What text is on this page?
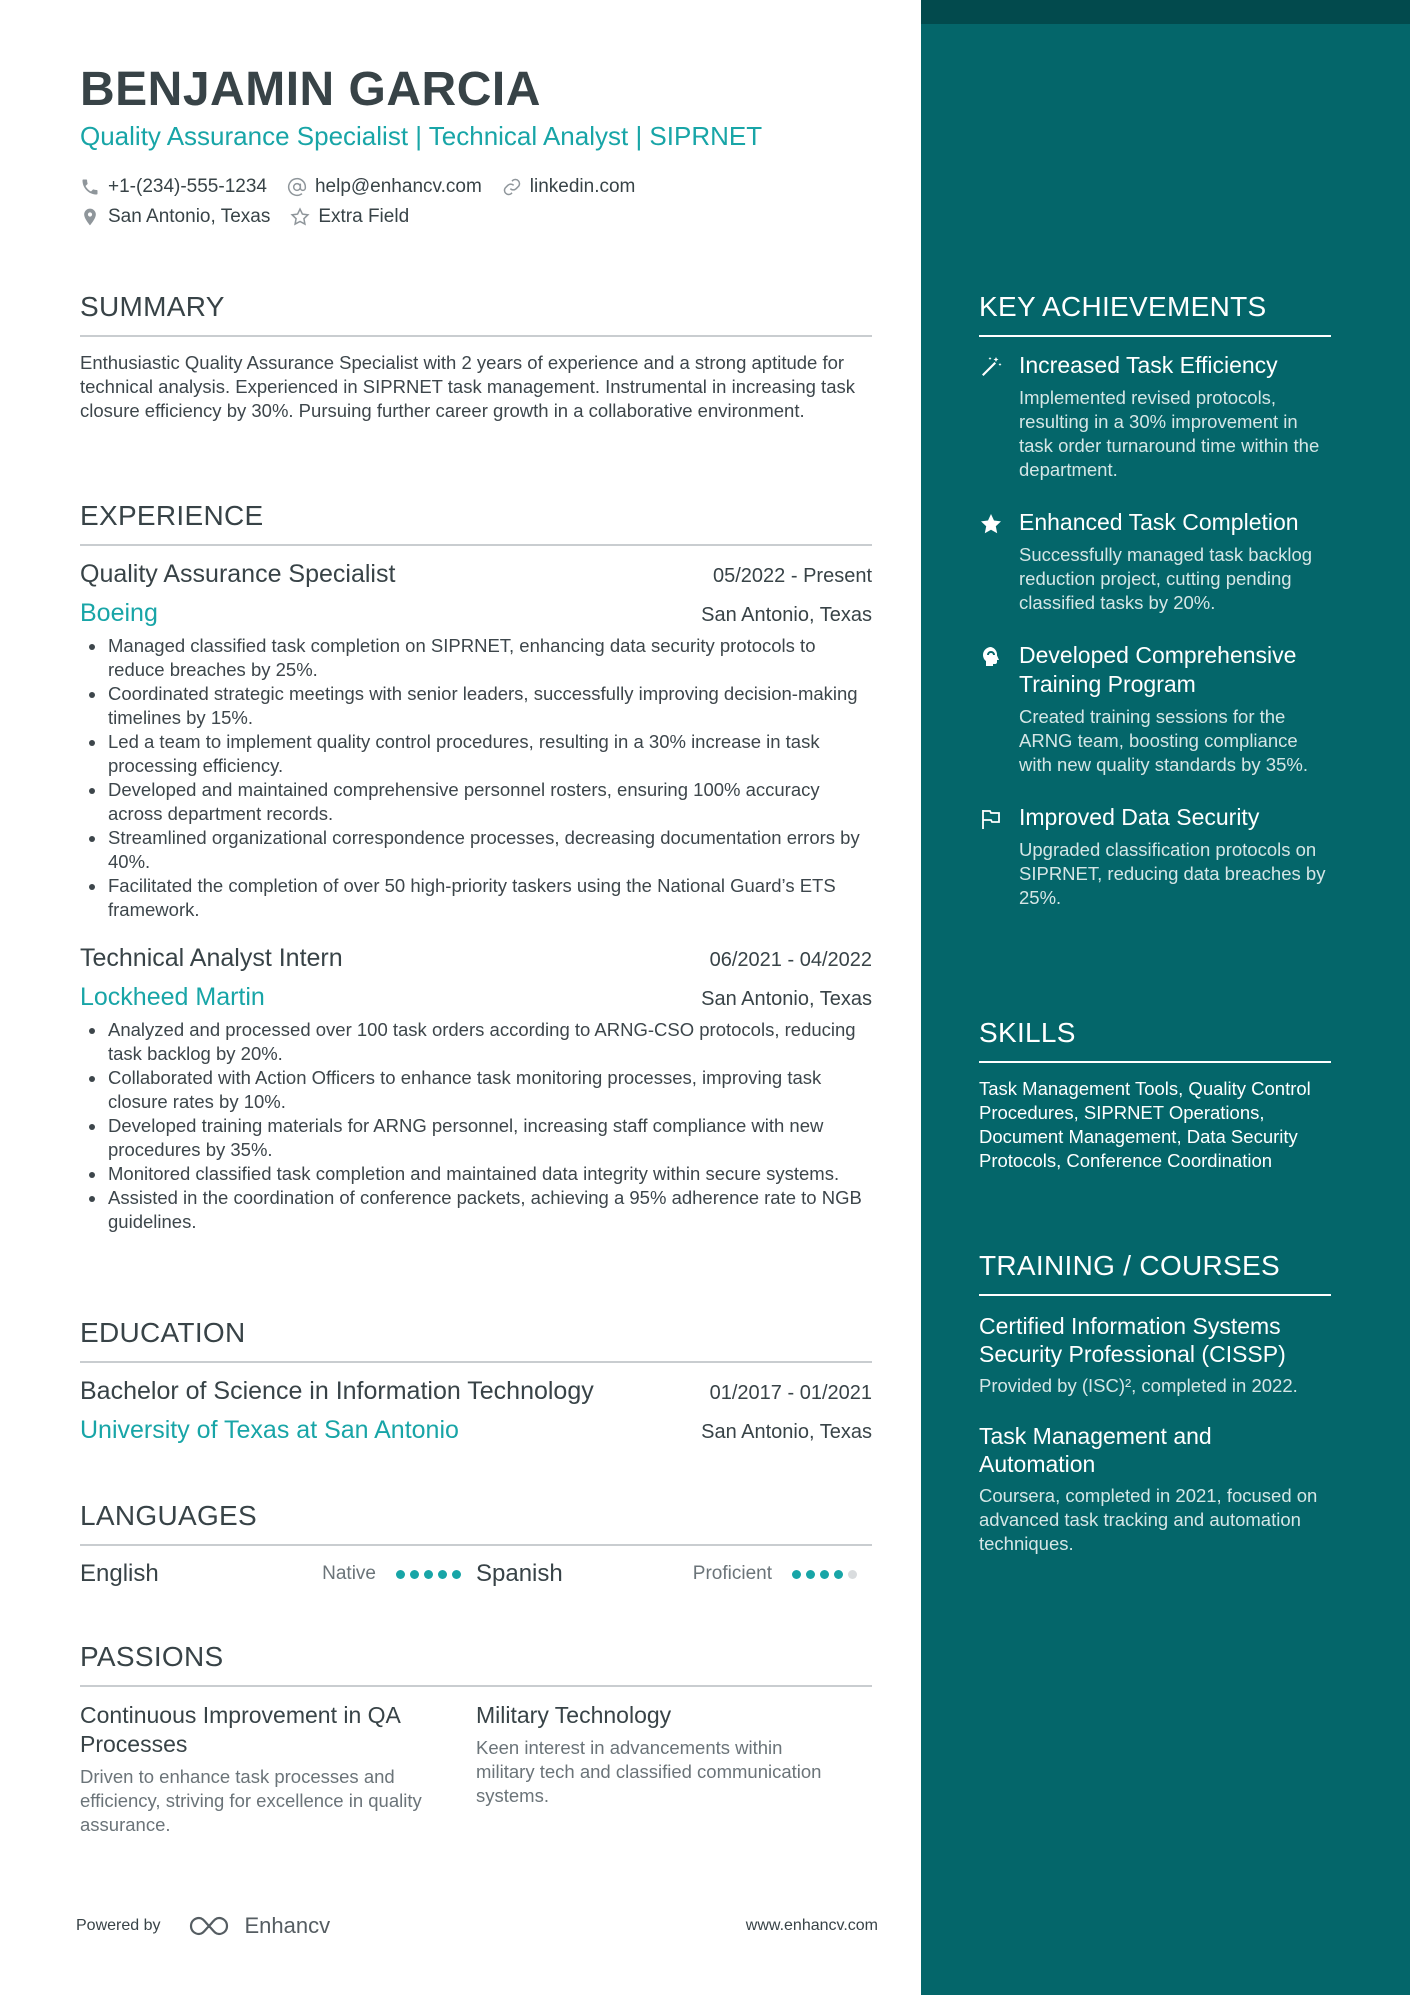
BENJAMIN GARCIA
Quality Assurance Specialist | Technical Analyst | SIPRNET
+1-(234)-555-1234	help@enhancv.com	linkedin.com
San Antonio, Texas	Extra Field
SUMMARY
Enthusiastic Quality Assurance Specialist with 2 years of experience and a strong aptitude for technical analysis. Experienced in SIPRNET task management. Instrumental in increasing task closure efficiency by 30%. Pursuing further career growth in a collaborative environment.
EXPERIENCE
Quality Assurance Specialist	05/2022 - Present
Boeing	San Antonio, Texas
Managed classified task completion on SIPRNET, enhancing data security protocols to reduce breaches by 25%.
Coordinated strategic meetings with senior leaders, successfully improving decision-making timelines by 15%.
Led a team to implement quality control procedures, resulting in a 30% increase in task processing efficiency.
Developed and maintained comprehensive personnel rosters, ensuring 100% accuracy across department records.
Streamlined organizational correspondence processes, decreasing documentation errors by 40%.
Facilitated the completion of over 50 high-priority taskers using the National Guard’s ETS framework.
Technical Analyst Intern	06/2021 - 04/2022
Lockheed Martin	San Antonio, Texas
Analyzed and processed over 100 task orders according to ARNG-CSO protocols, reducing task backlog by 20%.
Collaborated with Action Officers to enhance task monitoring processes, improving task closure rates by 10%.
Developed training materials for ARNG personnel, increasing staff compliance with new procedures by 35%.
Monitored classified task completion and maintained data integrity within secure systems.
Assisted in the coordination of conference packets, achieving a 95% adherence rate to NGB guidelines.
EDUCATION
Bachelor of Science in Information Technology	01/2017 - 01/2021
University of Texas at San Antonio	San Antonio, Texas
LANGUAGES
English	Native	Spanish	Proficient
PASSIONS
Continuous Improvement in QA Processes
Driven to enhance task processes and efficiency, striving for excellence in quality assurance.
Military Technology
Keen interest in advancements within military tech and classified communication systems.
Powered by	Enhancv	www.enhancv.com
KEY ACHIEVEMENTS
Increased Task Efficiency
Implemented revised protocols, resulting in a 30% improvement in task order turnaround time within the department.
Enhanced Task Completion
Successfully managed task backlog reduction project, cutting pending classified tasks by 20%.
Developed Comprehensive Training Program
Created training sessions for the ARNG team, boosting compliance with new quality standards by 35%.
Improved Data Security
Upgraded classification protocols on SIPRNET, reducing data breaches by 25%.
SKILLS
Task Management Tools, Quality Control Procedures, SIPRNET Operations, Document Management, Data Security Protocols, Conference Coordination
TRAINING / COURSES
Certified Information Systems Security Professional (CISSP)
Provided by (ISC)², completed in 2022.
Task Management and Automation
Coursera, completed in 2021, focused on advanced task tracking and automation techniques.
